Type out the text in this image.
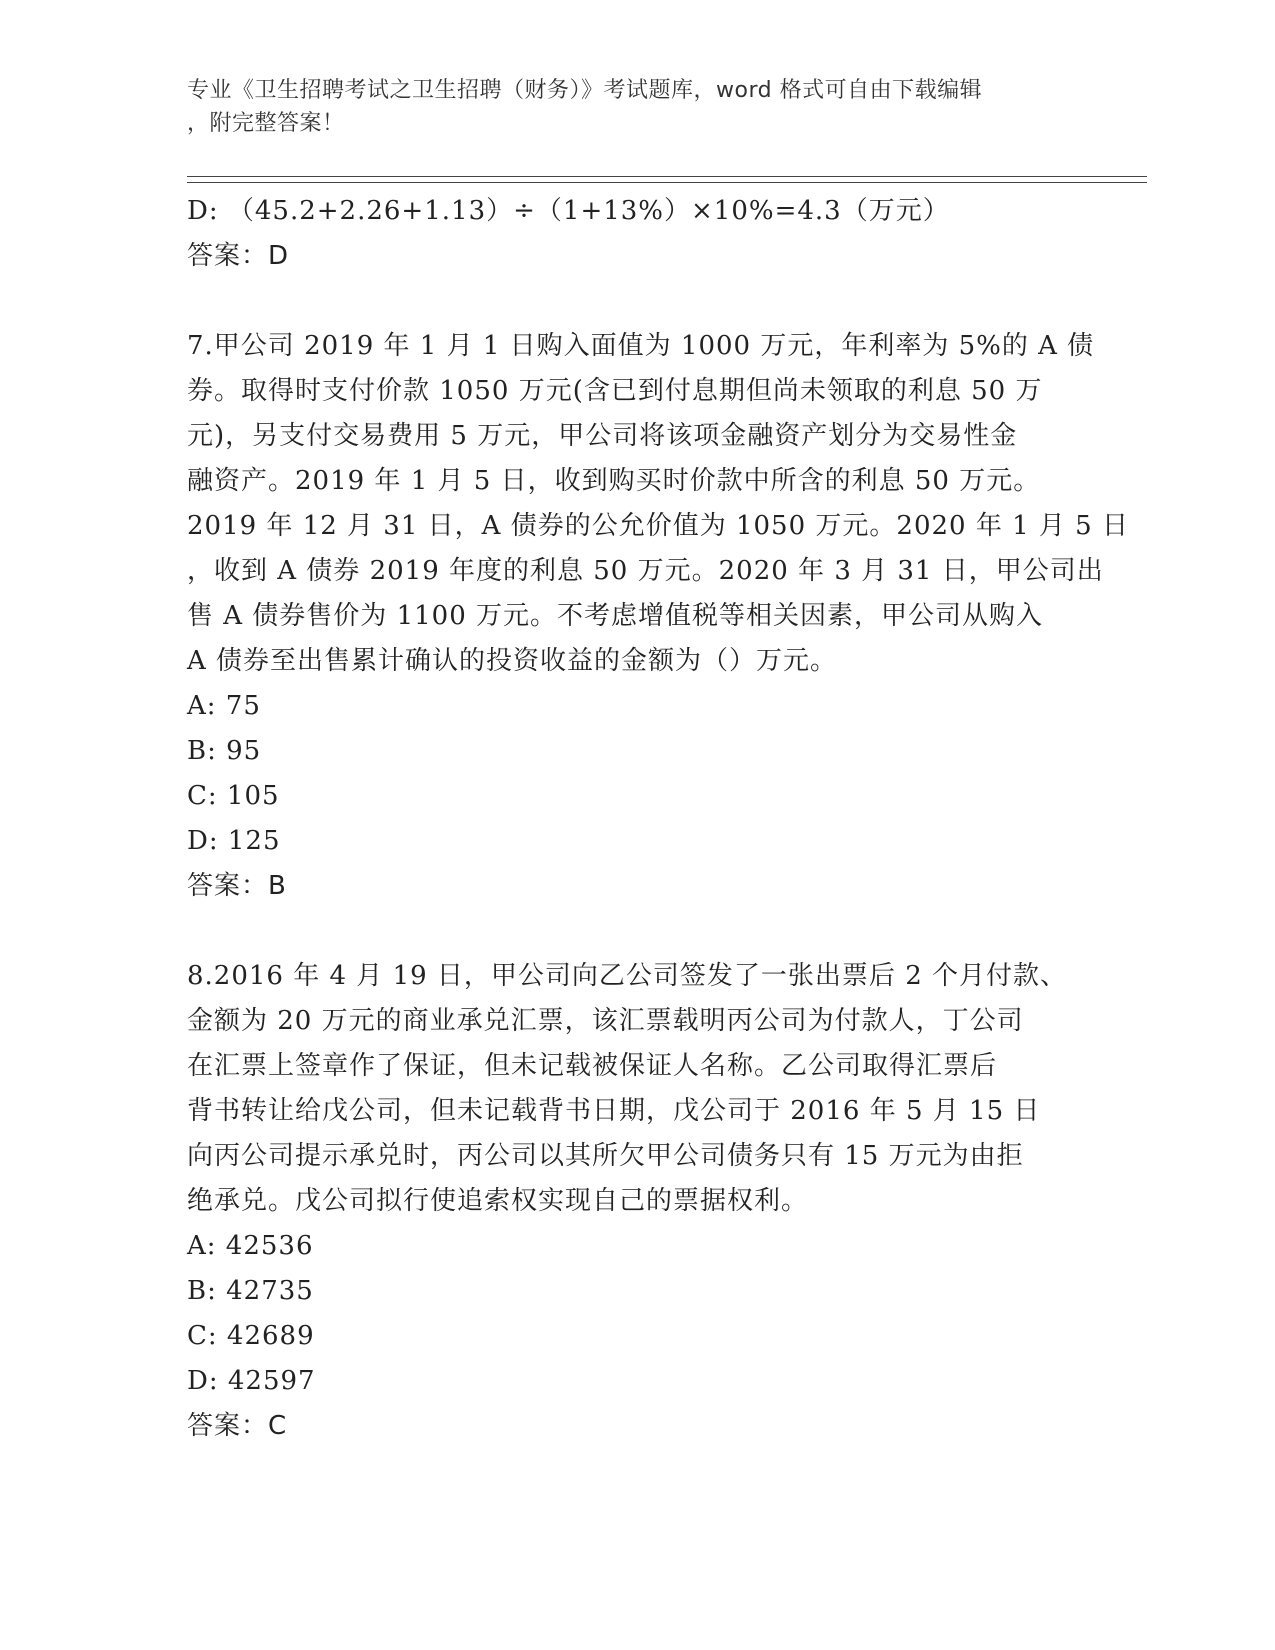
专业《卫生招聘考试之卫生招聘（财务）》考试题库，word 格式可自由下载编辑
，附完整答案！
D: （45.2+2.26+1.13）÷（1+13%）×10%=4.3（万元）
答案：D
7.甲公司 2019 年 1 月 1 日购入面值为 1000 万元，年利率为 5%的 A 债
券。取得时支付价款 1050 万元(含已到付息期但尚未领取的利息 50 万
元)，另支付交易费用 5 万元，甲公司将该项金融资产划分为交易性金
融资产。2019 年 1 月 5 日，收到购买时价款中所含的利息 50 万元。
2019 年 12 月 31 日，A 债券的公允价值为 1050 万元。2020 年 1 月 5 日
，收到 A 债券 2019 年度的利息 50 万元。2020 年 3 月 31 日，甲公司出
售 A 债券售价为 1100 万元。不考虑增值税等相关因素，甲公司从购入
A 债券至出售累计确认的投资收益的金额为（）万元。
A: 75
B: 95
C: 105
D: 125
答案：B
8.2016 年 4 月 19 日，甲公司向乙公司签发了一张出票后 2 个月付款、
金额为 20 万元的商业承兑汇票，该汇票载明丙公司为付款人，丁公司
在汇票上签章作了保证，但未记载被保证人名称。乙公司取得汇票后
背书转让给戊公司，但未记载背书日期，戊公司于 2016 年 5 月 15 日
向丙公司提示承兑时，丙公司以其所欠甲公司债务只有 15 万元为由拒
绝承兑。戊公司拟行使追索权实现自己的票据权利。
A: 42536
B: 42735
C: 42689
D: 42597
答案：C
